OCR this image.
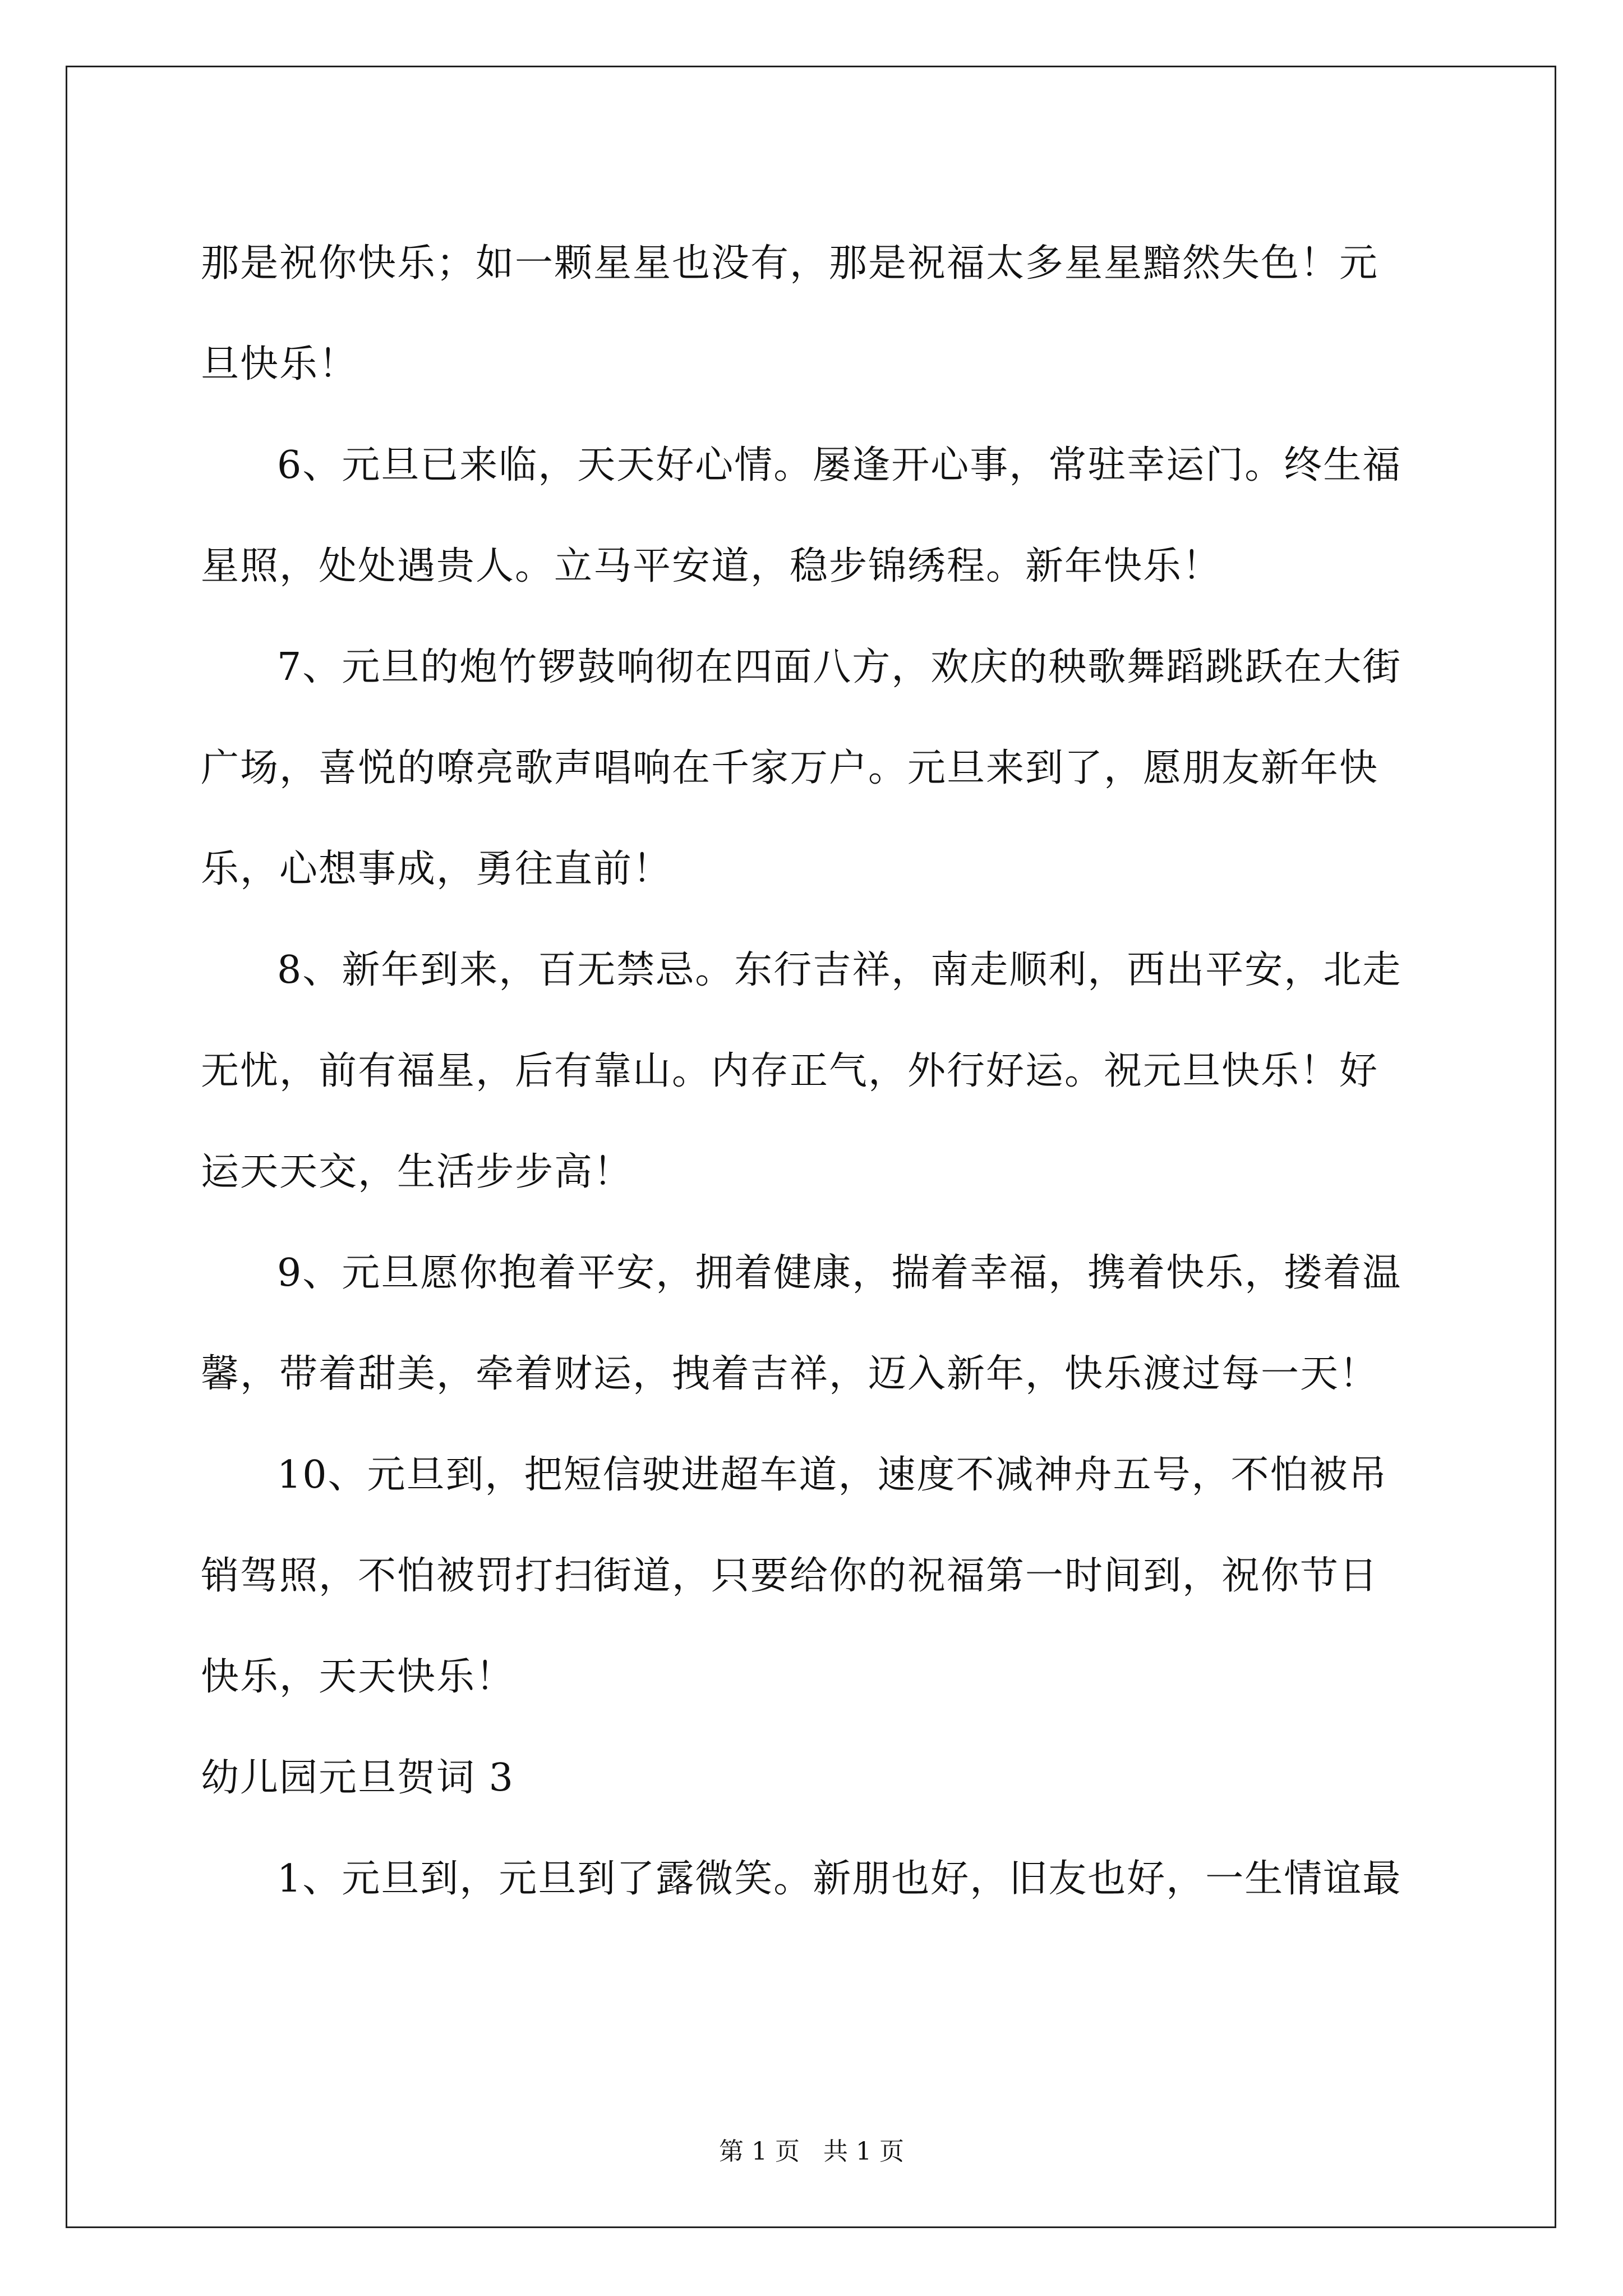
那是祝你快乐；如一颗星星也没有，那是祝福太多星星黯然失色！元
旦快乐！
6、元旦已来临，天天好心情。屡逢开心事，常驻幸运门。终生福
星照，处处遇贵人。立马平安道，稳步锦绣程。新年快乐！
7、元旦的炮竹锣鼓响彻在四面八方，欢庆的秧歌舞蹈跳跃在大街
广场，喜悦的嘹亮歌声唱响在千家万户。元旦来到了，愿朋友新年快
乐，心想事成，勇往直前！
8、新年到来，百无禁忌。东行吉祥，南走顺利，西出平安，北走
无忧，前有福星，后有靠山。内存正气，外行好运。祝元旦快乐！好
运天天交，生活步步高！
9、元旦愿你抱着平安，拥着健康，揣着幸福，携着快乐，搂着温
馨，带着甜美，牵着财运，拽着吉祥，迈入新年，快乐渡过每一天！
10、元旦到，把短信驶进超车道，速度不减神舟五号，不怕被吊
销驾照，不怕被罚打扫街道，只要给你的祝福第一时间到，祝你节日
快乐，天天快乐！
幼儿园元旦贺词 3
1、元旦到，元旦到了露微笑。新朋也好，旧友也好，一生情谊最
第 1 页   共 1 页
